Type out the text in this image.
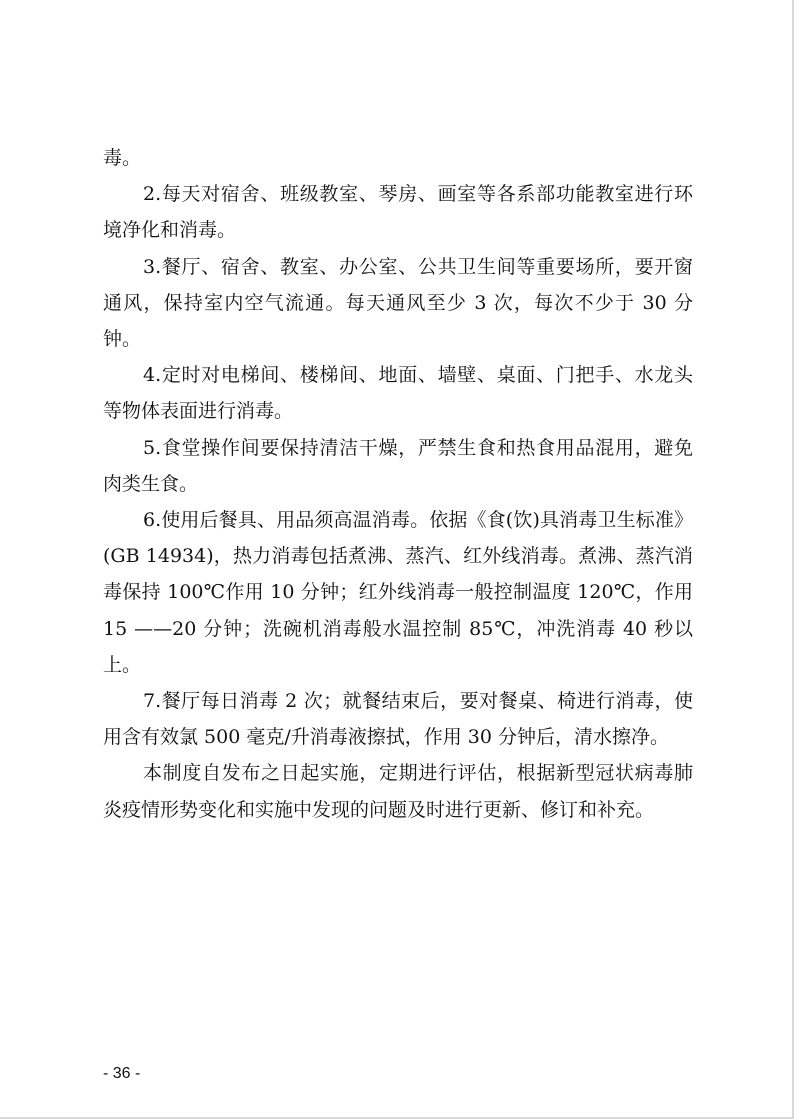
毒。

2.每天对宿舍、班级教室、琴房、画室等各系部功能教室进行环境净化和消毒。

3.餐厅、宿舍、教室、办公室、公共卫生间等重要场所，要开窗通风，保持室内空气流通。每天通风至少 3 次，每次不少于 30 分钟。

4.定时对电梯间、楼梯间、地面、墙壁、桌面、门把手、水龙头等物体表面进行消毒。

5.食堂操作间要保持清洁干燥，严禁生食和热食用品混用，避免肉类生食。

6.使用后餐具、用品须高温消毒。依据《食(饮)具消毒卫生标准》(GB 14934)，热力消毒包括煮沸、蒸汽、红外线消毒。煮沸、蒸汽消毒保持 100℃作用 10 分钟；红外线消毒一般控制温度 120℃，作用 15 ——20 分钟；洗碗机消毒般水温控制 85℃，冲洗消毒 40 秒以上。

7.餐厅每日消毒 2 次；就餐结束后，要对餐桌、椅进行消毒，使用含有效氯 500 毫克/升消毒液擦拭，作用 30 分钟后，清水擦净。

本制度自发布之日起实施，定期进行评估，根据新型冠状病毒肺炎疫情形势变化和实施中发现的问题及时进行更新、修订和补充。

- 36 -
